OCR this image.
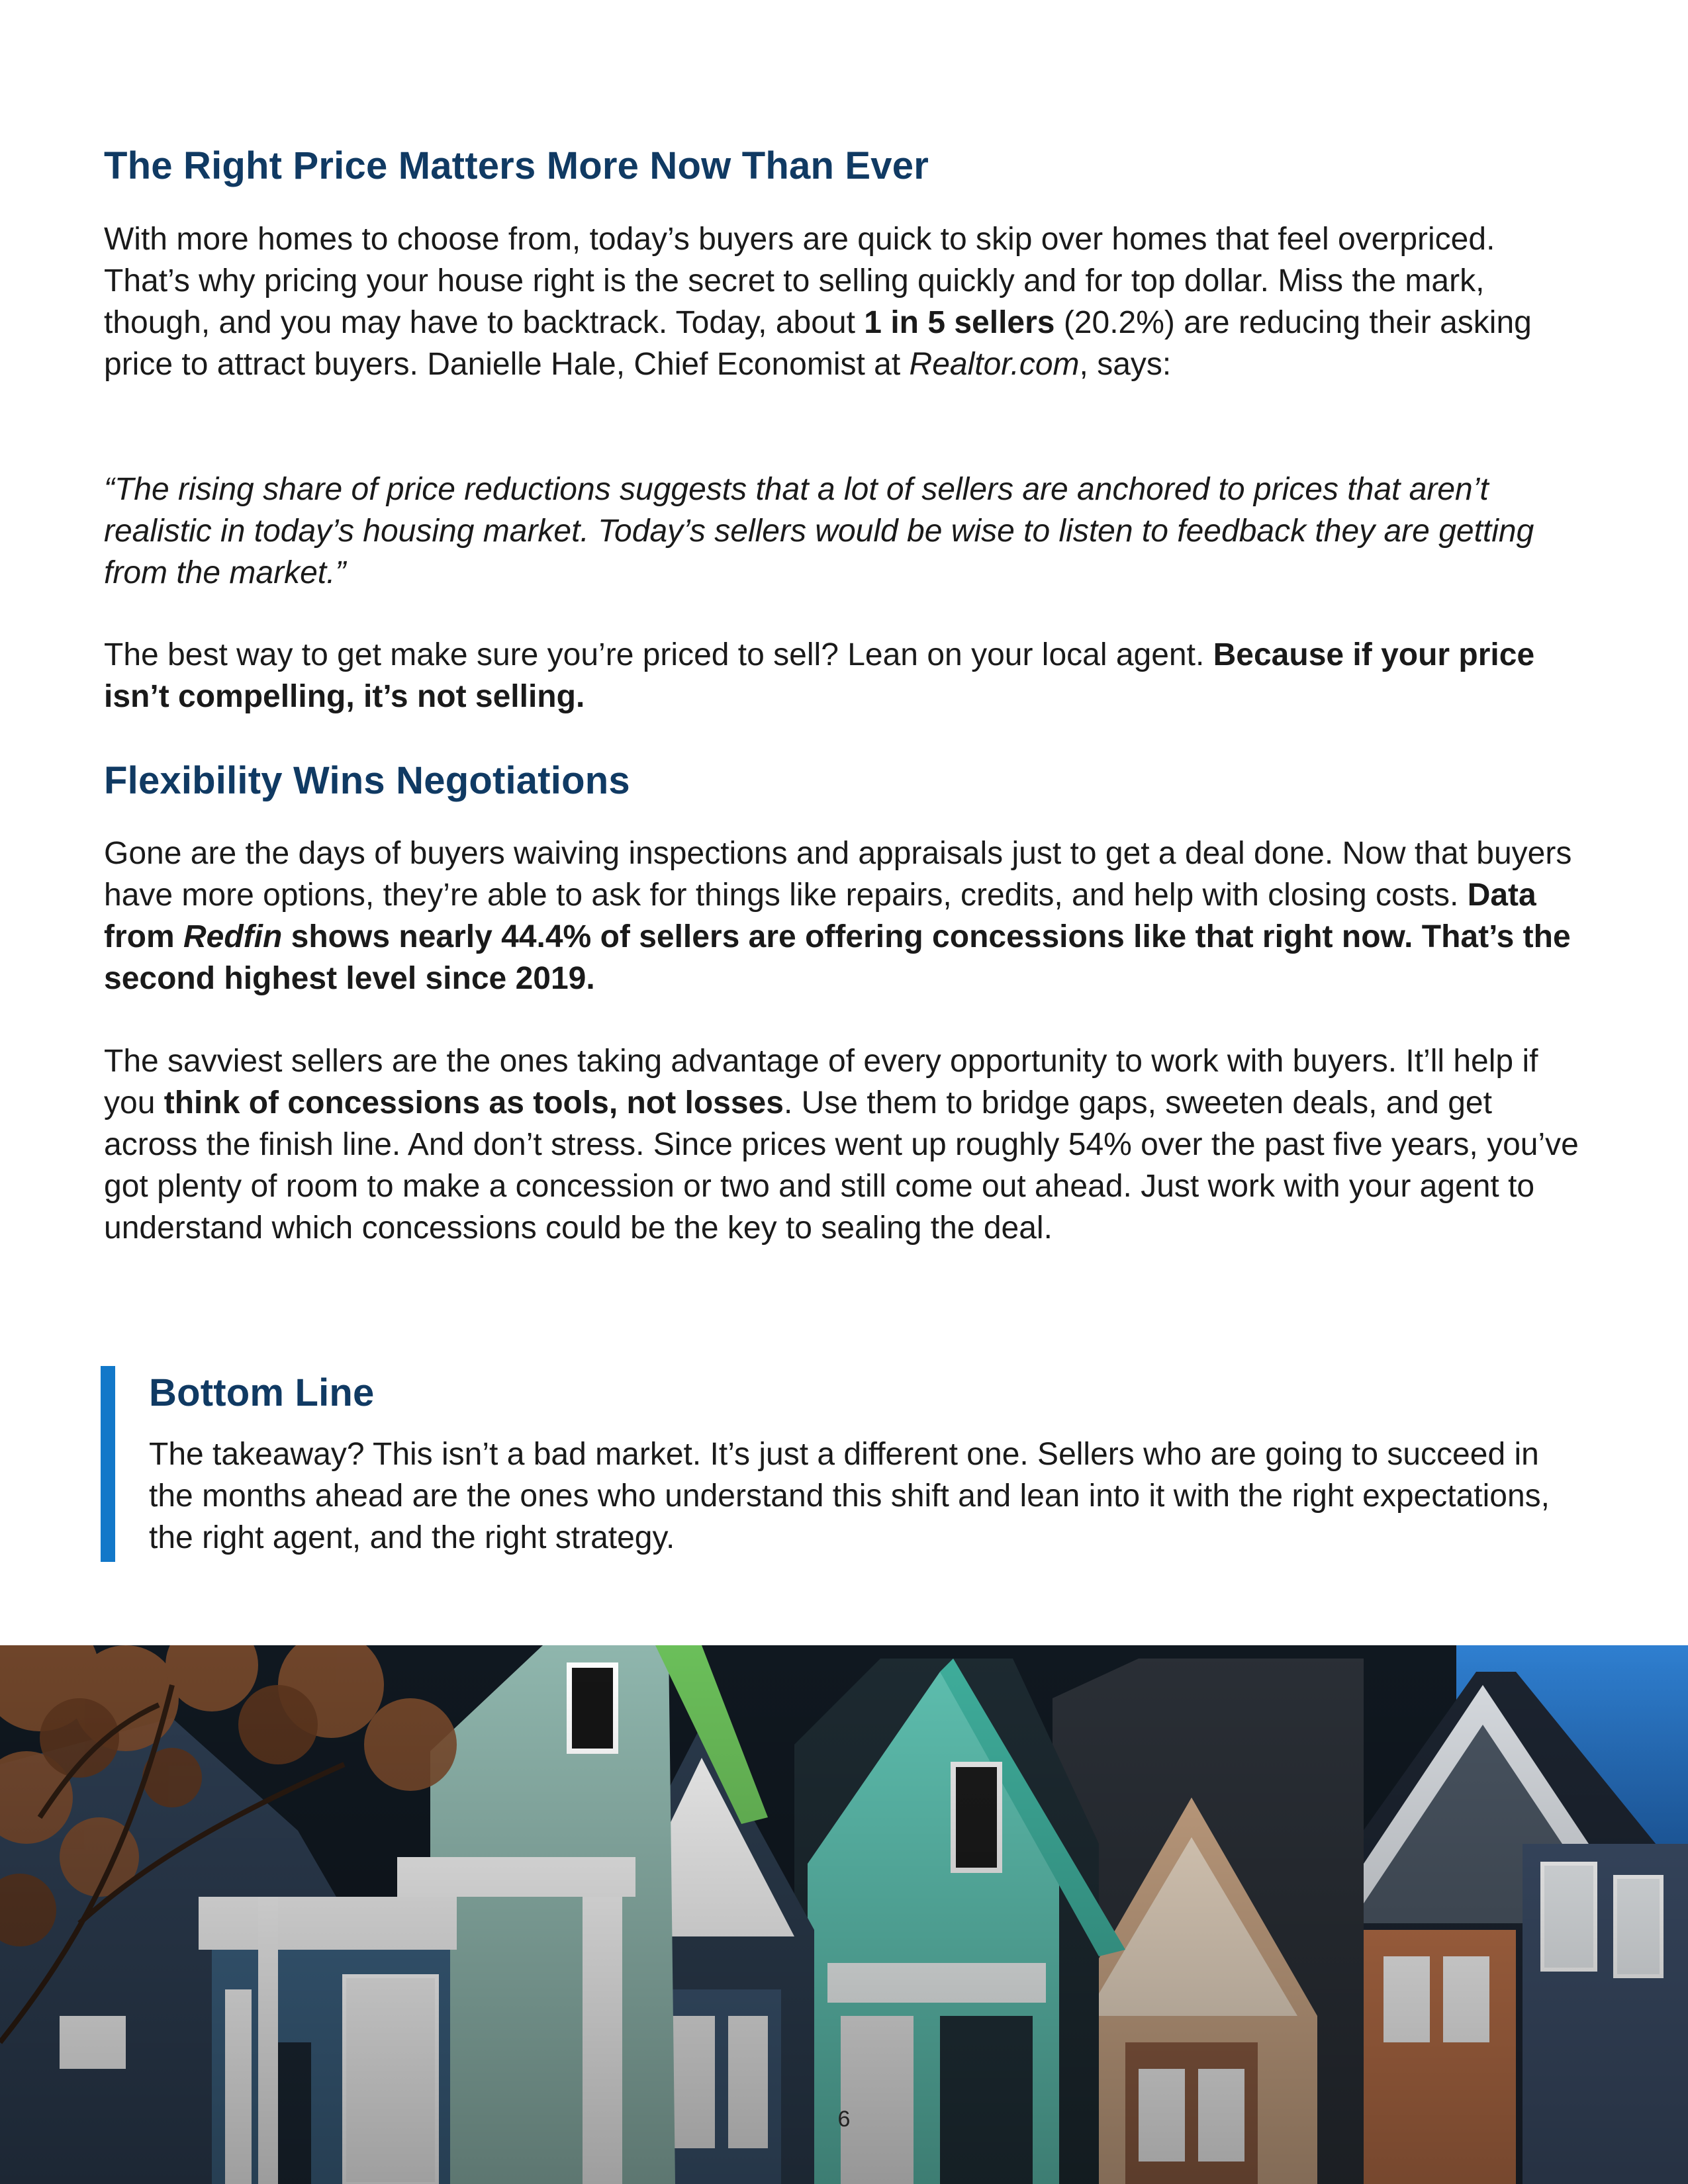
The Right Price Matters More Now Than Ever

With more homes to choose from, today’s buyers are quick to skip over homes that feel overpriced. That’s why pricing your house right is the secret to selling quickly and for top dollar. Miss the mark, though, and you may have to backtrack. Today, about 1 in 5 sellers (20.2%) are reducing their asking price to attract buyers. Danielle Hale, Chief Economist at Realtor.com, says:

“The rising share of price reductions suggests that a lot of sellers are anchored to prices that aren’t realistic in today’s housing market. Today’s sellers would be wise to listen to feedback they are getting from the market.”

The best way to get make sure you’re priced to sell? Lean on your local agent. Because if your price isn’t compelling, it’s not selling.

Flexibility Wins Negotiations

Gone are the days of buyers waiving inspections and appraisals just to get a deal done. Now that buyers have more options, they’re able to ask for things like repairs, credits, and help with closing costs. Data from Redfin shows nearly 44.4% of sellers are offering concessions like that right now. That’s the second highest level since 2019.

The savviest sellers are the ones taking advantage of every opportunity to work with buyers. It’ll help if you think of concessions as tools, not losses. Use them to bridge gaps, sweeten deals, and get across the finish line. And don’t stress. Since prices went up roughly 54% over the past five years, you’ve got plenty of room to make a concession or two and still come out ahead. Just work with your agent to understand which concessions could be the key to sealing the deal.

Bottom Line

The takeaway? This isn’t a bad market. It’s just a different one. Sellers who are going to succeed in the months ahead are the ones who understand this shift and lean into it with the right expectations, the right agent, and the right strategy.

6
